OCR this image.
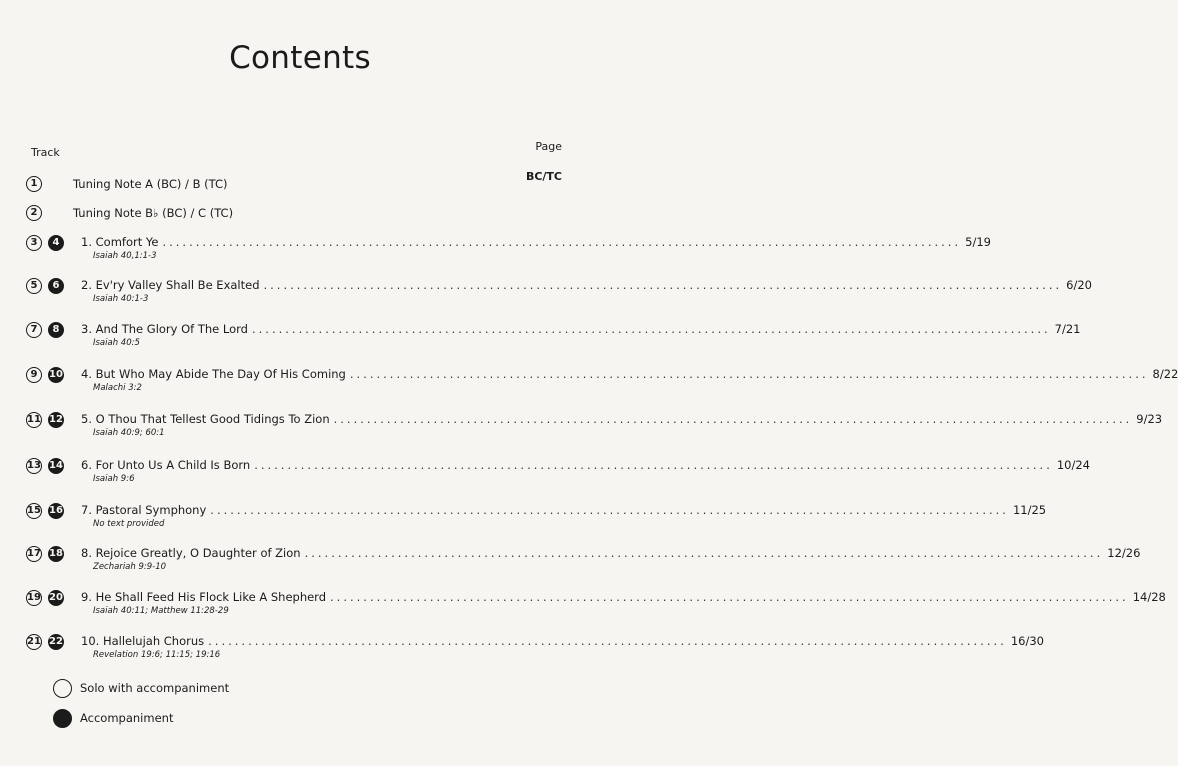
Contents
Track	Page
BC/TC
1	Tuning Note A (BC) / B (TC)
2	Tuning Note B♭ (BC) / C (TC)
3	4	1. Comfort Ye ........................................................................................................................ 5/19
Isaiah 40,1:1-3
5	6	2. Ev'ry Valley Shall Be Exalted ........................................................................................................................ 6/20
Isaiah 40:1-3
7	8	3. And The Glory Of The Lord ........................................................................................................................ 7/21
Isaiah 40:5
9	10 4. But Who May Abide The Day Of His Coming ........................................................................................................................ 8/22
Malachi 3:2
11 12 5. O Thou That Tellest Good Tidings To Zion ........................................................................................................................ 9/23
Isaiah 40:9; 60:1
13 14 6. For Unto Us A Child Is Born ........................................................................................................................ 10/24
Isaiah 9:6
15 16 7. Pastoral Symphony ........................................................................................................................ 11/25
No text provided
17 18 8. Rejoice Greatly, O Daughter of Zion ........................................................................................................................ 12/26
Zechariah 9:9-10
19 20 9. He Shall Feed His Flock Like A Shepherd ........................................................................................................................ 14/28
Isaiah 40:11; Matthew 11:28-29
21 22 10. Hallelujah Chorus ........................................................................................................................ 16/30
Revelation 19:6; 11:15; 19:16
Solo with accompaniment
Accompaniment
